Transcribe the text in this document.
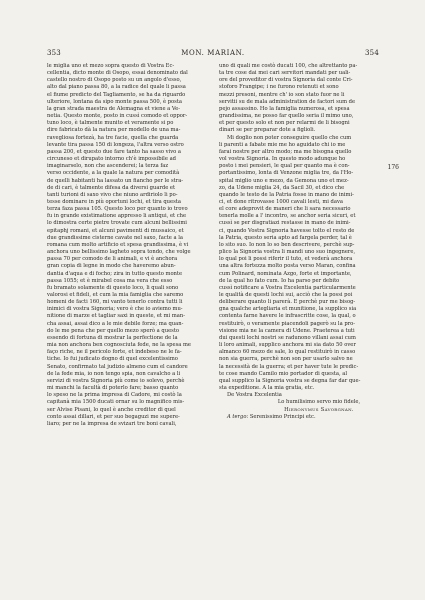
353	MON. MARIAN.	354

le miglia uno et mezo sopra questo di Vostra Ec-

cellentia, dicto monte di Osopo, essai denominato dal

castello nostro di Osopo posto su un angolo d'esso,

alto dal piano passa 80, a la radice del quale li passa

el fiume predicto del Tagliamento, se ha da riguardo

ulteriore, lontana da sipo monte passa 500, è posta

la gran strada maestra de Alemagna et viene a Ve-

netia. Questo monte, posto in cussì comodo et oppor-

tuno loco, è talmente munito et veramente si po

dire fabricato dà la natura per modello de una ma-

ravegliosa fortezà, ha tre facie, quella che guarda

levante tira passa 150 di longeza, l'altra verso ostro

passa 200, et questo due fare tanto ha sasso vivo a

circuneso et dirupato intorno ch'è impossibile ad

imaginarselo, non che ascenderei; la terza faz

verso occidente, a la quale la natura per comodità

de quelli habitanti ha lassato un fiancho per le stra-

de di cari, è talmente difesa da diversi guarde et

tanti turioni di saxo vivo che niuno ardiriolo li po-

tesse dominare in più oportuni lochi, et tira questa

terza faza passa 105. Questo loco per quanto io trovo

fu in grande existimatione appresso li antiqui, et che

lo dimostra certe pietre trovate cum alcuni bellissimi

epitaphj romani, et alcuni pavimenti di mussaico, et

due grandissime cisterne cavate nel saxo, facte a la

romana cum molto artificio et spesa grandissima, è vi

anchora uno bellissimo lagheto sopra tondo, che volge

passa 70 per comodo de li animali, e vi è anchora

gran copia di legne in modo che haveremo abun-

dantia d'aqua e di focho; zira in tutto questo monte

passa 1055; et è mirabel cosa ma vera che esso

fu bramato solamente di questo loco, li quali sono

valorosi et fideli, et cum la mia famiglia che saremo

homeni de facti 160, mi vanto tenerlo contra tutti li

inimici di vostra Signoria; vero è che io aviemo mu-

nitione di marze et tagliar saxi in queste, et mi man-

cha assai, assai dico a le mie debile forze; ma quan-

do le me pena che per quello mezo sperò a questo

essendo di fortuna di mostrar la perfectione de la

mia non anchora ben cognosciuta fede, ne la spesa me

faço riche, ne il pericolo forte, et indebeso ne le fa-

tiche. Io fui judicato dogno di quel excelentissimo

Senato, confirmato tal judizio almeno cum el candore

de la fede mia, io non tengo spia, non cavalcho a li

servizi di vostra Signoria più come io solevo, perchè

mi manchi la facultà di poterlo fare; basso quanto

lo speso ne la prima impresa di Cadore, mi costò la

capitanà mia 1500 ducati ornar su lo magnifico mis-

ser Alvise Pisani, lo quel è anche creditor di quel

conto assai dillari, et per suo begaguzi me supere-

liaro; per ne la impresa de svizari tre boni cavali,

uno di quali me costò ducati 100, che altrettanto pa-

ta tre cose dai mei cari servitori mandati per uali-

ore del proveditor di vostra Signoria dal conte Cri-

stoforo Frangipe; i ne furono retenuti et sono

mezzi presoni, mentre ch' io son stato fuor ne li

servitii su de mala administration de factori sum de

pejo assassino. Ho la famiglia numerosa, et spesa

grandissima, ne posso far quello seria il mimo uno,

et per questo solo et non per relarmi de li bisogni

dinari se per preparar dote a figlioli.

Mi doglio non poter conseguire quello che cum

li parenti a fabate mie me ho aguidato chi io me

farai nostre per altro modo; ma me bisogna quello

vol vostra Signoria. In questo modo adunque ho

posto i mei pensieri, le qual per quanto ma è con-

portantissimo, lonta di Venzone miglia tre, da l'Ho-

spital miglio uno e mezo, da Gemona uno et mez-

zo, da Udene miglia 24, da Sacil 30, et dico che

quando le testo de la Patria fosse in mano de inimi-

ci, et done ritrovasse 1000 cavali lesti, mi dava

el core adeprovit de maneri che li sara necessario

tenerla molle a l' incontro, se anchor seria sicuri, et

cussì se per disgratiazi restasse in mano de inimi-

ci, quando Vostra Signoria havesse tolto el resto de

la Patria, questo seria apto ad fargela perder, tal è

lo sito suo. Io non lo so ben descrivere, perchè sup-

plico la Signoria vostra li mandi uno suo ingegnere,

lo qual poi li possi riferir il tuto, et vederà anchora

una altra fortezza molto posta verso Maran, confina

cum Polinard, nominata Azgo, forte et importante,

de la qual ho fato cum. Io ha parso per debito

cussì notificare a Vostra Excelentia particularmente

le qualità de questi lochi sui, acciò che la possi poi

deliberare quanto li parerà. E perchè pur me bisog-

gna qualche artegliaria et munitione, la supplico sia

contenta farne havere le infrascritte cose, la qual, o

restituirò, o veramente piacendoli pagerò su la pro-

visione mia ne la camera di Udene. Praeterea a tuti

dui questi lochi nostri se radunono villani assai cum

li loro animali, supplico anchora mi sia dato 50 over

almanco 60 mezo de sale, lo qual restituirò in casso

non sia guerra, perchè non son per usarlo salvo ne

la necessità de la guerra; et per haver tute le predic-

te cose mando Camilo mio portador di questa, al

qual supplico la Signoria vostra se degna far dar que-

sta expeditione. A la mia gratia, etc.

De Vostra Excelentia

Lo humilisimo servo mio fidele,

Hieronymus Savorgnan.

A tergo: Serenissimo Principi etc.

176
